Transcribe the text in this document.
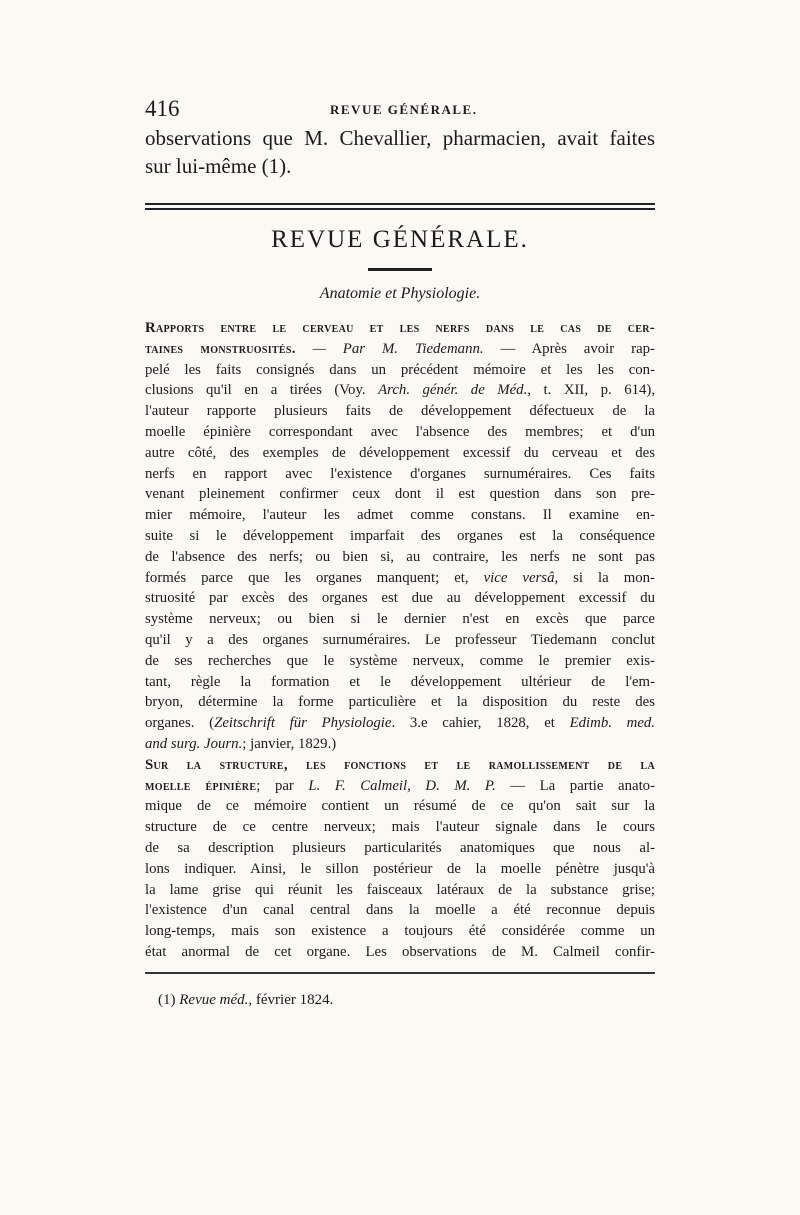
416	REVUE GÉNÉRALE.
observations que M. Chevallier, pharmacien, avait faites
sur lui-même (1).
REVUE GÉNÉRALE.
Anatomie et Physiologie.

Rapports entre le cerveau et les nerfs dans le cas de cer-
taines monstruosités. — Par M. Tiedemann. — Après avoir rap-
pelé les faits consignés dans un précédent mémoire et les les con-
clusions qu'il en a tirées (Voy. Arch. génér. de Méd., t. XII, p. 614),
l'auteur rapporte plusieurs faits de développement défectueux de la
moelle épinière correspondant avec l'absence des membres; et d'un
autre côté, des exemples de développement excessif du cerveau et des
nerfs en rapport avec l'existence d'organes surnuméraires. Ces faits
venant pleinement confirmer ceux dont il est question dans son pre-
mier mémoire, l'auteur les admet comme constans. Il examine en-
suite si le développement imparfait des organes est la conséquence
de l'absence des nerfs; ou bien si, au contraire, les nerfs ne sont pas
formés parce que les organes manquent; et, vice versâ, si la mon-
struosité par excès des organes est due au développement excessif du
système nerveux; ou bien si le dernier n'est en excès que parce
qu'il y a des organes surnuméraires. Le professeur Tiedemann conclut
de ses recherches que le système nerveux, comme le premier exis-
tant, règle la formation et le développement ultérieur de l'em-
bryon, détermine la forme particulière et la disposition du reste des
organes. (Zeitschrift für Physiologie. 3.e cahier, 1828, et Edimb. med.
and surg. Journ.; janvier, 1829.)

Sur la structure, les fonctions et le ramollissement de la
moelle épinière; par L. F. Calmeil, D. M. P. — La partie anato-
mique de ce mémoire contient un résumé de ce qu'on sait sur la
structure de ce centre nerveux; mais l'auteur signale dans le cours
de sa description plusieurs particularités anatomiques que nous al-
lons indiquer. Ainsi, le sillon postérieur de la moelle pénètre jusqu'à
la lame grise qui réunit les faisceaux latéraux de la substance grise;
l'existence d'un canal central dans la moelle a été reconnue depuis
long-temps, mais son existence a toujours été considérée comme un
état anormal de cet organe. Les observations de M. Calmeil confir-

(1) Revue méd., février 1824.
